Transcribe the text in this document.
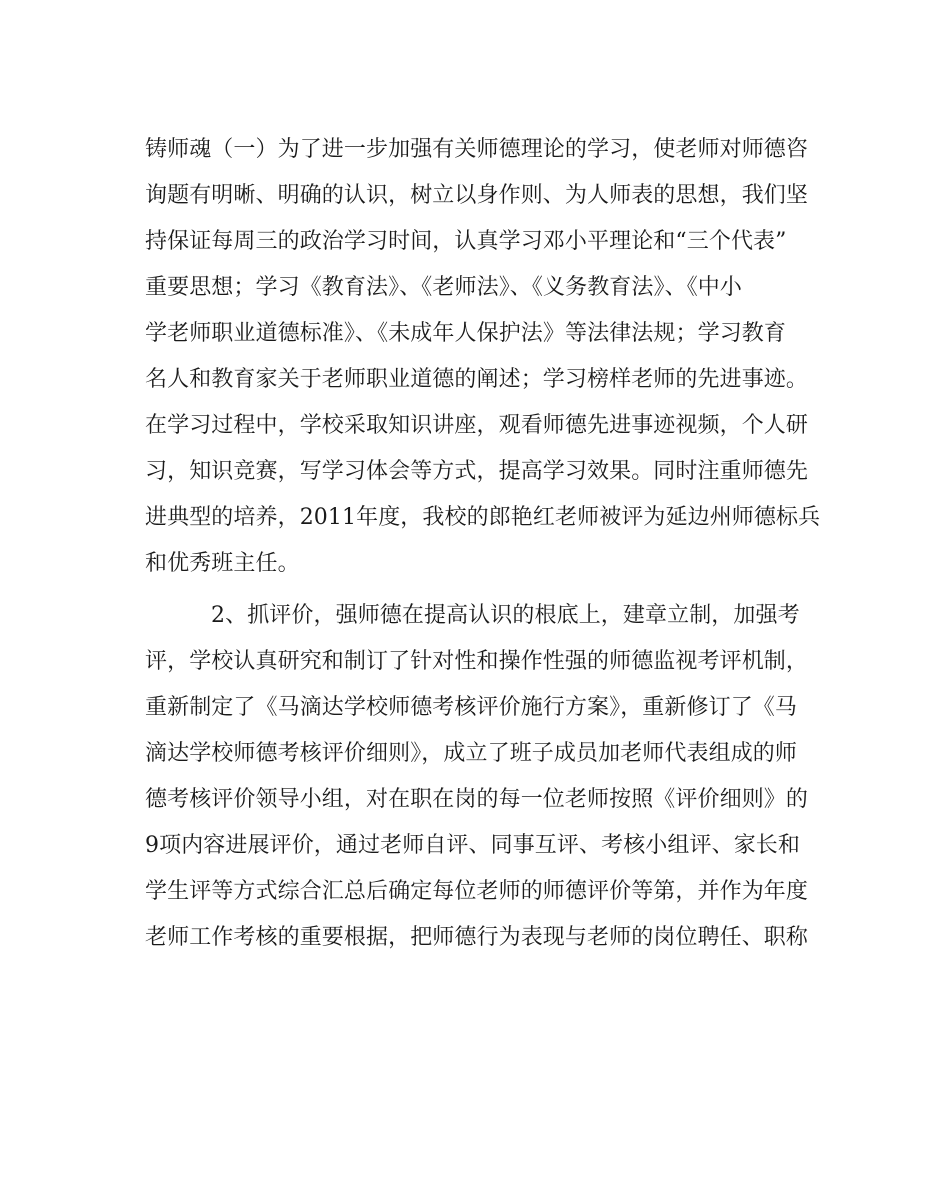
铸师魂（一）为了进一步加强有关师德理论的学习，使老师对师德咨
询题有明晰、明确的认识，树立以身作则、为人师表的思想，我们坚
持保证每周三的政治学习时间，认真学习邓小平理论和“三个代表”
重要思想；学习《教育法》、《老师法》、《义务教育法》、《中小
学老师职业道德标准》、《未成年人保护法》等法律法规；学习教育
名人和教育家关于老师职业道德的阐述；学习榜样老师的先进事迹。
在学习过程中，学校采取知识讲座，观看师德先进事迹视频，个人研
习，知识竞赛，写学习体会等方式，提高学习效果。同时注重师德先
进典型的培养，2011年度，我校的郎艳红老师被评为延边州师德标兵
和优秀班主任。
2、抓评价，强师德在提高认识的根底上，建章立制，加强考
评，学校认真研究和制订了针对性和操作性强的师德监视考评机制，
重新制定了《马滴达学校师德考核评价施行方案》，重新修订了《马
滴达学校师德考核评价细则》，成立了班子成员加老师代表组成的师
德考核评价领导小组，对在职在岗的每一位老师按照《评价细则》的
9项内容进展评价，通过老师自评、同事互评、考核小组评、家长和
学生评等方式综合汇总后确定每位老师的师德评价等第，并作为年度
老师工作考核的重要根据，把师德行为表现与老师的岗位聘任、职称
